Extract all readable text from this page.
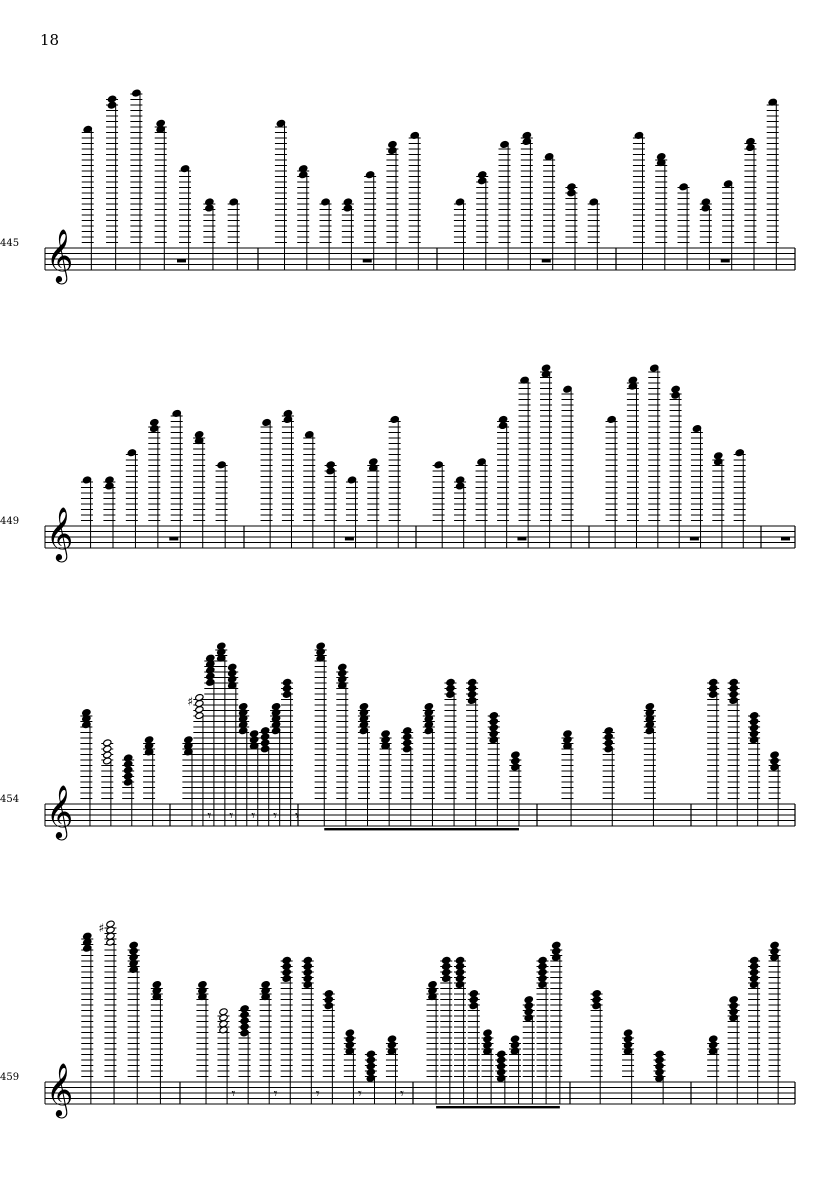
18
𝄞
445
𝄞
449
𝄞
454
𝄾
♯
𝄾 𝄾 𝄾 𝄾
𝄞
459
♯
𝄾	𝄾	𝄾	𝄾	𝄾
